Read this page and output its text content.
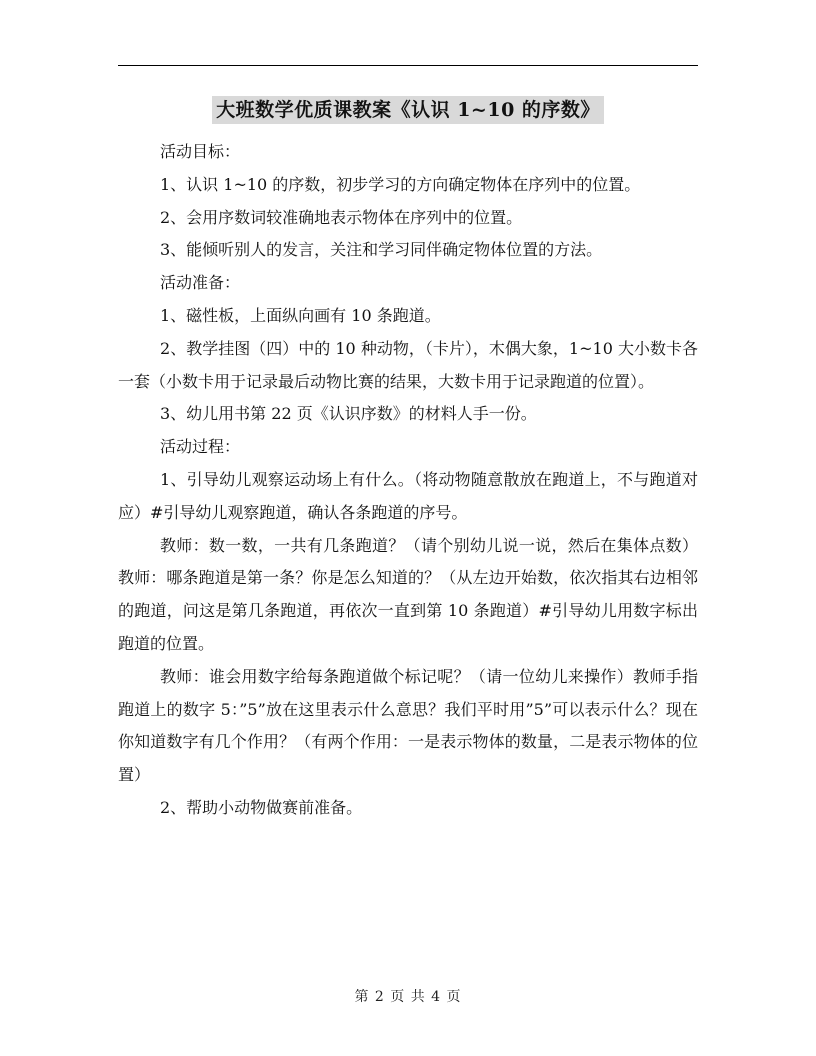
大班数学优质课教案《认识 1~10 的序数》

活动目标：

1、认识 1~10 的序数，初步学习的方向确定物体在序列中的位置。

2、会用序数词较准确地表示物体在序列中的位置。

3、能倾听别人的发言，关注和学习同伴确定物体位置的方法。

活动准备：

1、磁性板，上面纵向画有 10 条跑道。

2、教学挂图（四）中的 10 种动物，（卡片），木偶大象，1~10 大小数卡各一套（小数卡用于记录最后动物比赛的结果，大数卡用于记录跑道的位置）。

3、幼儿用书第 22 页《认识序数》的材料人手一份。

活动过程：

1、引导幼儿观察运动场上有什么。（将动物随意散放在跑道上，不与跑道对应）#引导幼儿观察跑道，确认各条跑道的序号。

教师：数一数，一共有几条跑道？（请个别幼儿说一说，然后在集体点数）教师：哪条跑道是第一条？你是怎么知道的？（从左边开始数，依次指其右边相邻的跑道，问这是第几条跑道，再依次一直到第 10 条跑道）#引导幼儿用数字标出跑道的位置。

教师：谁会用数字给每条跑道做个标记呢？（请一位幼儿来操作）教师手指跑道上的数字 5：”5”放在这里表示什么意思？我们平时用”5”可以表示什么？现在你知道数字有几个作用？（有两个作用：一是表示物体的数量，二是表示物体的位置）

2、帮助小动物做赛前准备。

第 2 页 共 4 页
